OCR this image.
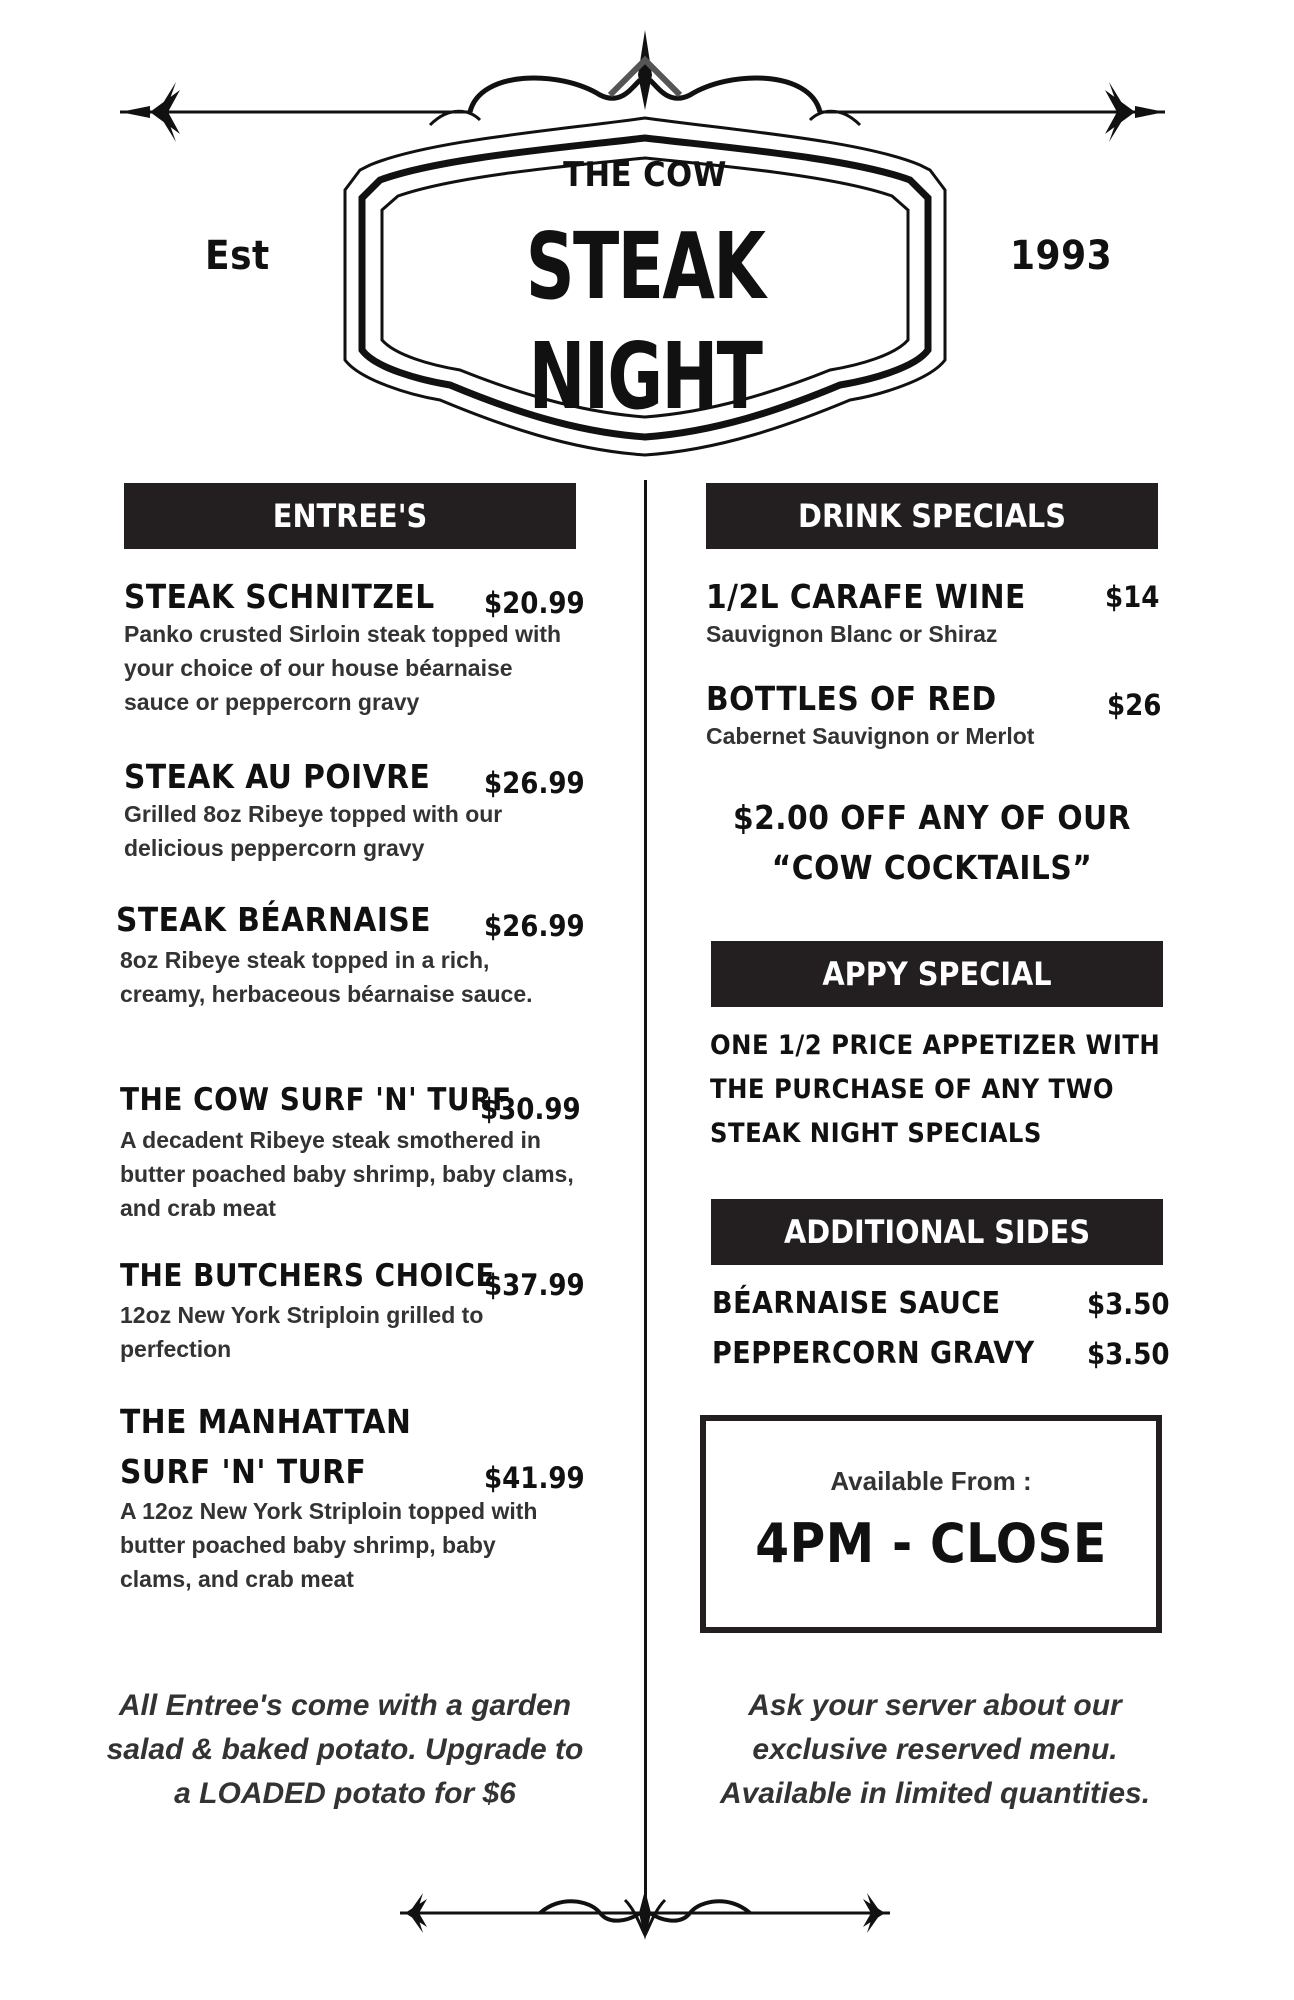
THE COW
STEAK NIGHT
Est	1993
ENTREE'S
STEAK SCHNITZEL $20.99
Panko crusted Sirloin steak topped with your choice of our house béarnaise sauce or peppercorn gravy
STEAK AU POIVRE $26.99
Grilled 8oz Ribeye topped with our delicious peppercorn gravy
STEAK BÉARNAISE $26.99
8oz Ribeye steak topped in a rich, creamy, herbaceous béarnaise sauce.
THE COW SURF 'N' TURF
$30.99
A decadent Ribeye steak smothered in butter poached baby shrimp, baby clams, and crab meat
THE BUTCHERS CHOICE
$37.99
12oz New York Striploin grilled to perfection
THE MANHATTAN
SURF 'N' TURF	$41.99
A 12oz New York Striploin topped with butter poached baby shrimp, baby clams, and crab meat
All Entree's come with a garden salad & baked potato. Upgrade to a LOADED potato for $6
DRINK SPECIALS
1/2L CARAFE WINE	$14
Sauvignon Blanc or Shiraz
BOTTLES OF RED	$26
Cabernet Sauvignon or Merlot
$2.00 OFF ANY OF OUR
“COW COCKTAILS”
APPY SPECIAL
ONE 1/2 PRICE APPETIZER WITH THE PURCHASE OF ANY TWO STEAK NIGHT SPECIALS
ADDITIONAL SIDES
BÉARNAISE SAUCE	$3.50
PEPPERCORN GRAVY $3.50
Available From :
4PM - CLOSE
Ask your server about our exclusive reserved menu. Available in limited quantities.
